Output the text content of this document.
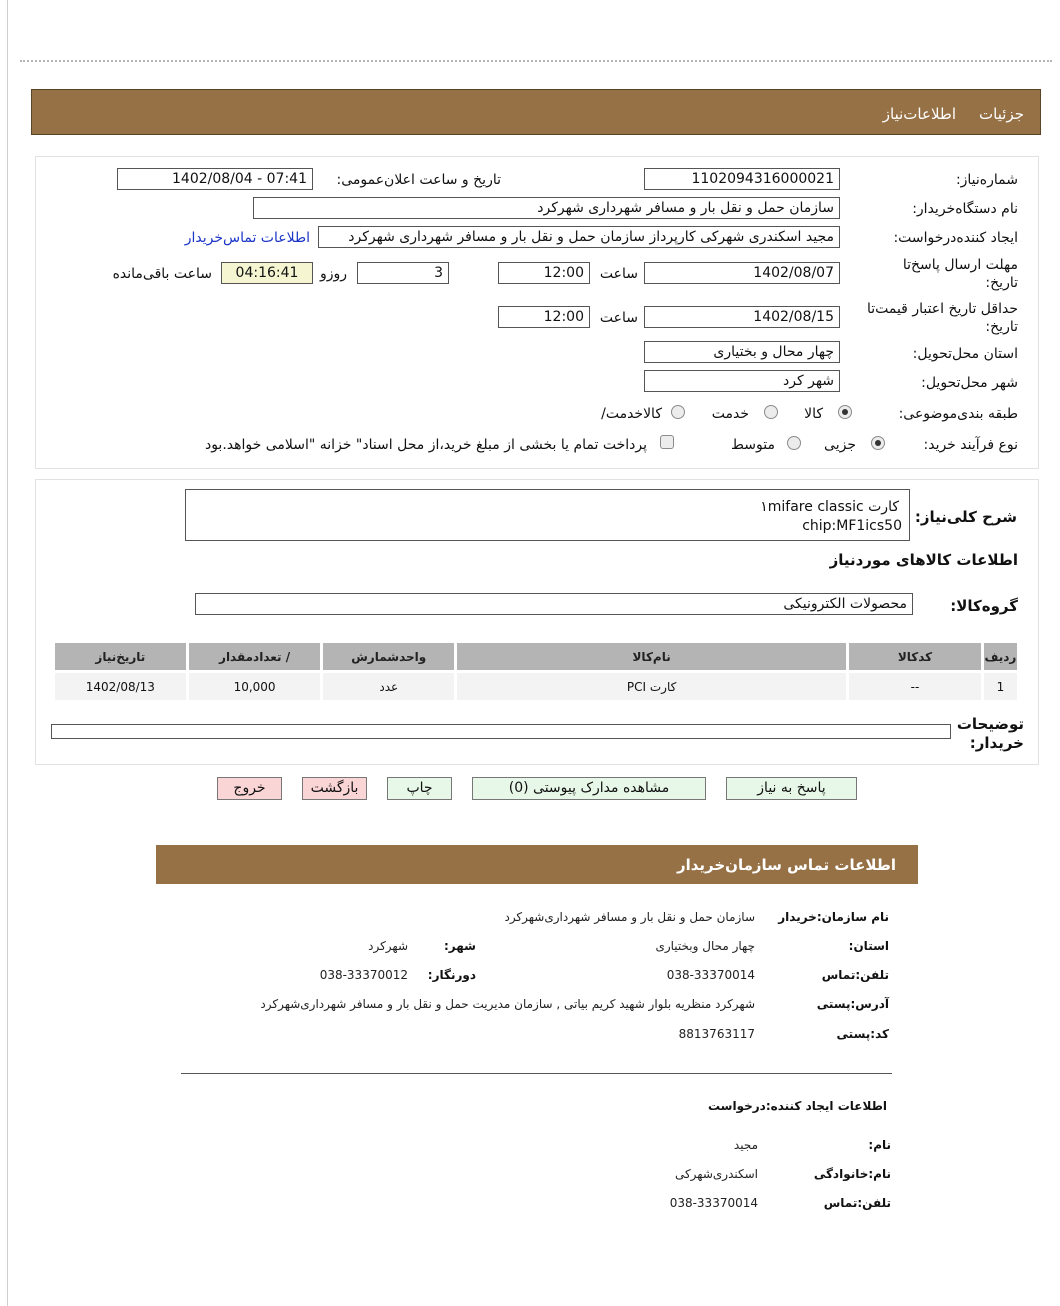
جزئیات
اطلاعات‌نیاز
شماره‌نیاز:
1102094316000021
تاریخ و ساعت اعلان‌عمومی:
1402/08/04 - 07:41
نام دستگاه‌خریدار:
سازمان حمل و نقل بار و مسافر شهرداری شهرکرد
ایجاد کننده‌درخواست:
مجید اسکندری شهرکی کارپرداز سازمان حمل و نقل بار و مسافر شهرداری شهرکرد
اطلاعات تماس‌خریدار
مهلت ارسال پاسخ‌تا تاریخ:
1402/08/07
ساعت
12:00
3
روزو
04:16:41
ساعت باقی‌مانده
حداقل تاریخ اعتبار قیمت‌تا تاریخ:
1402/08/15
ساعت
12:00
استان محل‌تحویل:
چهار محال و بختیاری
شهر محل‌تحویل:
شهر کرد
طبقه بندی‌موضوعی:
کالا
خدمت
کالا‌خدمت/
نوع فرآیند‌ خرید:
جزیی
متوسط
پرداخت تمام یا بخشی از مبلغ خرید،از محل اسناد" خزانه "اسلامی خواهد.بود
شرح کلی‌نیاز:
کارت ۱mifare classic
chip:MF1ics50
اطلاعات کالاهای موردنیاز
گروه‌کالا:
محصولات الکترونیکی
ردیف	کدکالا	نام‌کالا	واحدشمارش	/ تعدادمقدار	تاریخ‌نیاز
1	--	کارت PCI	عدد	10,000	1402/08/13
توضیحات خریدار:
پاسخ به نیاز
مشاهده مدارک پیوستی (0)
چاپ
بازگشت
خروج
اطلاعات تماس سازمان‌خریدار
نام سازمان:خریدار
سازمان حمل و نقل بار و مسافر شهرداری‌شهرکرد
استان:
چهار محال وبختیاری
شهر:
شهرکرد
تلفن:تماس
038-33370014
دورنگار:
038-33370012
آدرس:پستی
شهرکرد منظریه بلوار شهید کریم بیاتی , سازمان مدیریت حمل و نقل بار و مسافر شهرداری‌شهرکرد
کد:پستی
8813763117
اطلاعات ایجاد کننده:درخواست
نام:
مجید
نام:خانوادگی
اسکندری‌شهرکی
تلفن:تماس
038-33370014
